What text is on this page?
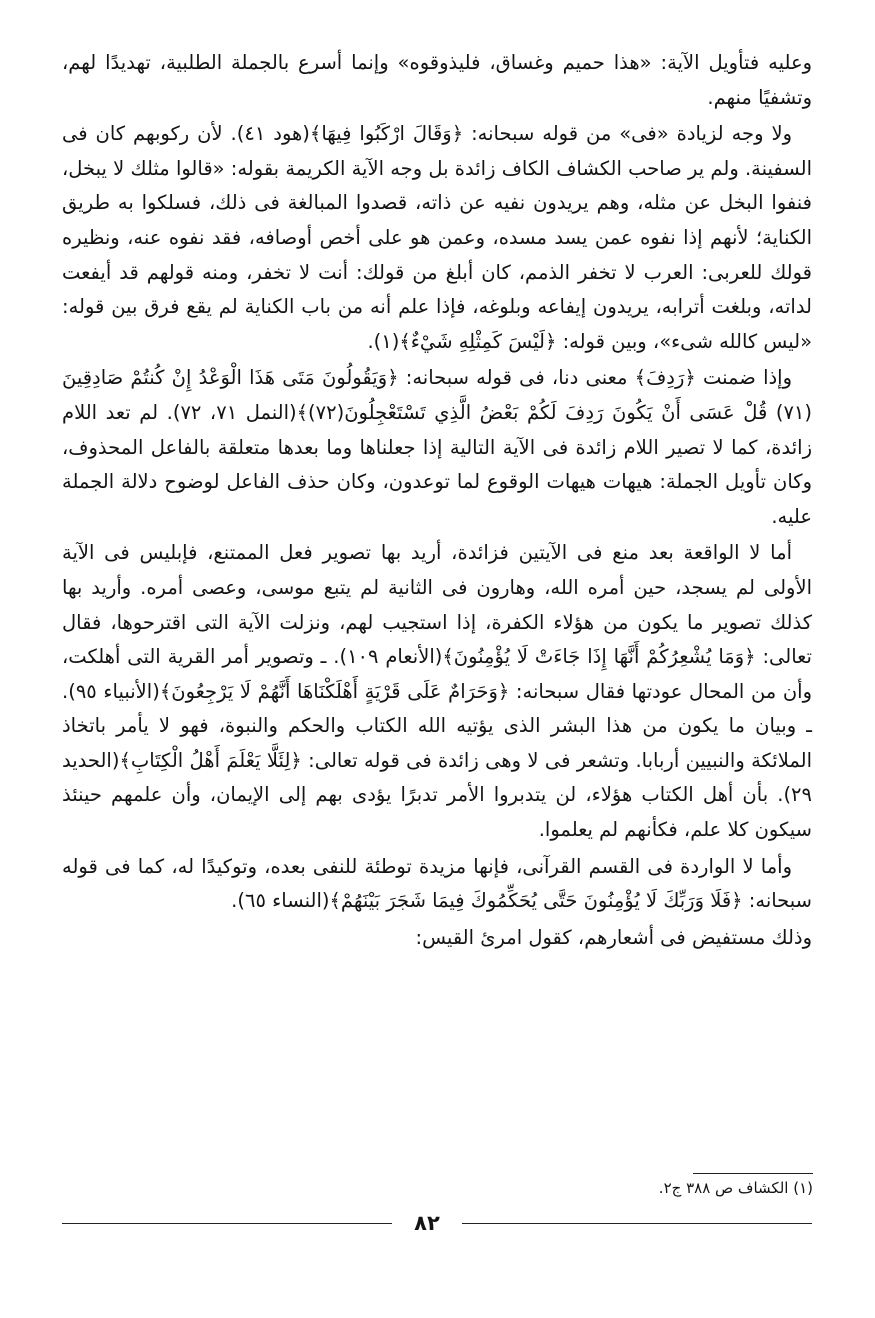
وعليه فتأويل الآية: «هذا حميم وغساق، فليذوقوه» وإنما أسرع بالجملة الطلبية، تهديدًا لهم، وتشفيًا منهم.

ولا وجه لزيادة «فى» من قوله سبحانه: ﴿وَقَالَ ارْكَبُوا فِيهَا﴾(هود ٤١). لأن ركوبهم كان فى السفينة. ولم ير صاحب الكشاف الكاف زائدة بل وجه الآية الكريمة بقوله: «قالوا مثلك لا يبخل، فنفوا البخل عن مثله، وهم يريدون نفيه عن ذاته، قصدوا المبالغة فى ذلك، فسلكوا به طريق الكناية؛ لأنهم إذا نفوه عمن يسد مسده، وعمن هو على أخص أوصافه، فقد نفوه عنه، ونظيره قولك للعربى: العرب لا تخفر الذمم، كان أبلغ من قولك: أنت لا تخفر، ومنه قولهم قد أيفعت لداته، وبلغت أترابه، يريدون إيفاعه وبلوغه، فإذا علم أنه من باب الكناية لم يقع فرق بين قوله: «ليس كالله شىء»، وبين قوله: ﴿لَيْسَ كَمِثْلِهِ شَيْءٌ﴾(١).

وإذا ضمنت ﴿رَدِفَ﴾ معنى دنا، فى قوله سبحانه: ﴿وَيَقُولُونَ مَتَى هَذَا الْوَعْدُ إِنْ كُنتُمْ صَادِقِينَ (٧١) قُلْ عَسَى أَنْ يَكُونَ رَدِفَ لَكُمْ بَعْضُ الَّذِي تَسْتَعْجِلُونَ(٧٢)﴾(النمل ٧١، ٧٢). لم تعد اللام زائدة، كما لا تصير اللام زائدة فى الآية التالية إذا جعلناها وما بعدها متعلقة بالفاعل المحذوف، وكان تأويل الجملة: هيهات هيهات الوقوع لما توعدون، وكان حذف الفاعل لوضوح دلالة الجملة عليه.

أما لا الواقعة بعد منع فى الآيتين فزائدة، أريد بها تصوير فعل الممتنع، فإبليس فى الآية الأولى لم يسجد، حين أمره الله، وهارون فى الثانية لم يتبع موسى، وعصى أمره. وأريد بها كذلك تصوير ما يكون من هؤلاء الكفرة، إذا استجيب لهم، ونزلت الآية التى اقترحوها، فقال تعالى: ﴿وَمَا يُشْعِرُكُمْ أَنَّهَا إِذَا جَاءَتْ لَا يُؤْمِنُونَ﴾(الأنعام ١٠٩). ـ وتصوير أمر القرية التى أهلكت، وأن من المحال عودتها فقال سبحانه: ﴿وَحَرَامٌ عَلَى قَرْيَةٍ أَهْلَكْنَاهَا أَنَّهُمْ لَا يَرْجِعُونَ﴾(الأنبياء ٩٥). ـ وبيان ما يكون من هذا البشر الذى يؤتيه الله الكتاب والحكم والنبوة، فهو لا يأمر باتخاذ الملائكة والنبيين أربابا. وتشعر فى لا وهى زائدة فى قوله تعالى: ﴿لِئَلَّا يَعْلَمَ أَهْلُ الْكِتَابِ﴾(الحديد ٢٩). بأن أهل الكتاب هؤلاء، لن يتدبروا الأمر تدبرًا يؤدى بهم إلى الإيمان، وأن علمهم حينئذ سيكون كلا علم، فكأنهم لم يعلموا.

وأما لا الواردة فى القسم القرآنى، فإنها مزيدة توطئة للنفى بعده، وتوكيدًا له، كما فى قوله سبحانه: ﴿فَلَا وَرَبِّكَ لَا يُؤْمِنُونَ حَتَّى يُحَكِّمُوكَ فِيمَا شَجَرَ بَيْنَهُمْ﴾(النساء ٦٥).

وذلك مستفيض فى أشعارهم، كقول امرئ القيس:

(١) الكشاف ص ٣٨٨ ج٢.
٨٢
